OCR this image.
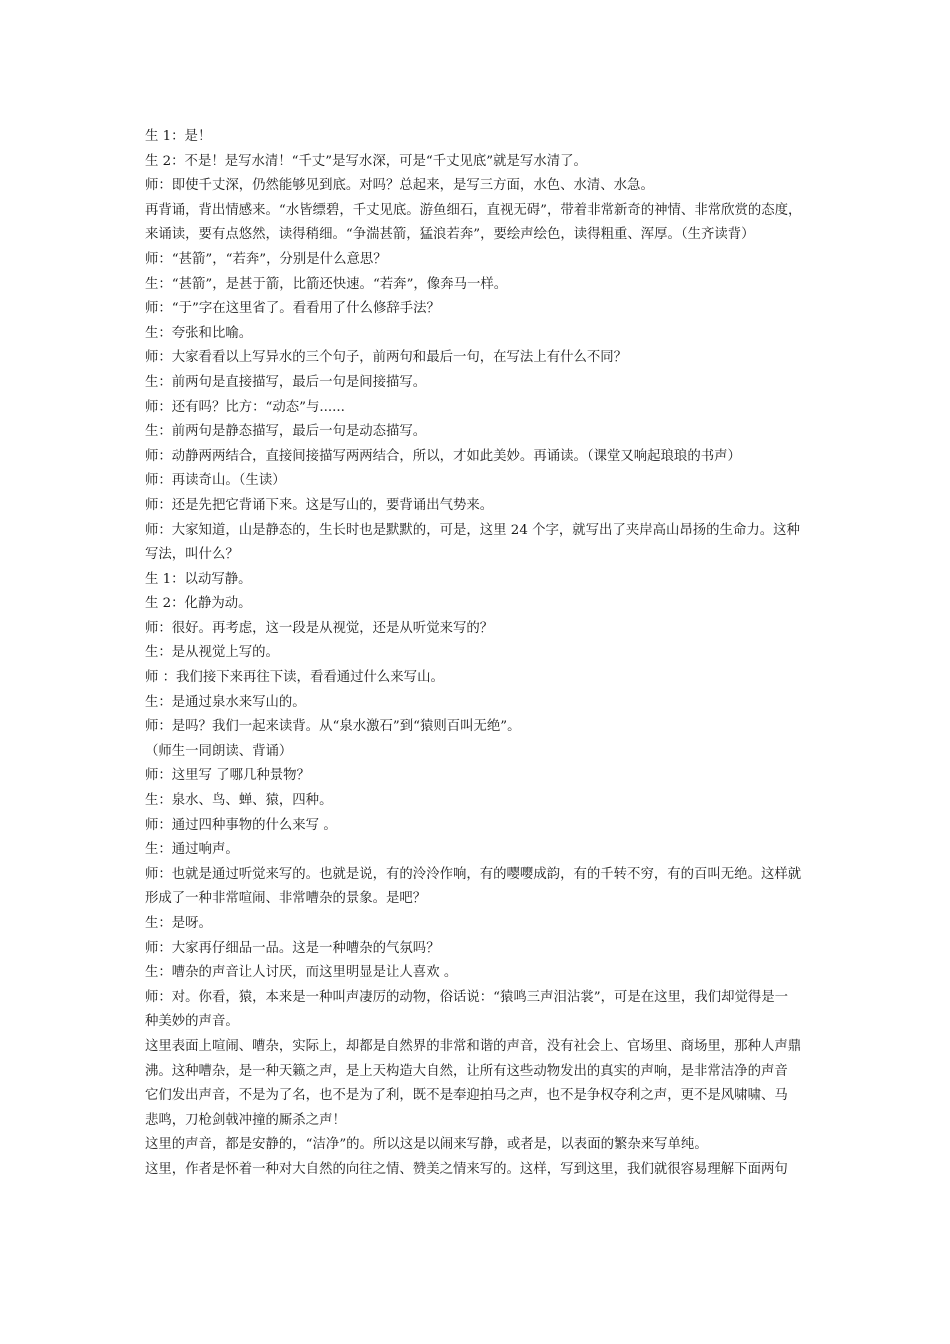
生 1：是！
生 2：不是！是写水清！“千丈”是写水深，可是“千丈见底”就是写水清了。
师：即使千丈深，仍然能够见到底。对吗？总起来，是写三方面，水色、水清、水急。
再背诵，背出情感来。“水皆缥碧，千丈见底。游鱼细石，直视无碍”，带着非常新奇的神情、非常欣赏的态度，
来诵读，要有点悠然，读得稍细。“争湍甚箭，猛浪若奔”，要绘声绘色，读得粗重、浑厚。（生齐读背）
师：“甚箭”，“若奔”，分别是什么意思？
生：“甚箭”，是甚于箭，比箭还快速。“若奔”，像奔马一样。
师：“于”字在这里省了。看看用了什么修辞手法？
生：夸张和比喻。
师：大家看看以上写异水的三个句子，前两句和最后一句，在写法上有什么不同？
生：前两句是直接描写，最后一句是间接描写。
师：还有吗？比方：“动态”与......
生：前两句是静态描写，最后一句是动态描写。
师：动静两两结合，直接间接描写两两结合，所以，才如此美妙。再诵读。（课堂又响起琅琅的书声）
师：再读奇山。（生读）
师：还是先把它背诵下来。这是写山的，要背诵出气势来。
师：大家知道，山是静态的，生长时也是默默的，可是，这里 24 个字，就写出了夹岸高山昂扬的生命力。这种
写法，叫什么？
生 1：以动写静。
生 2：化静为动。
师：很好。再考虑，这一段是从视觉，还是从听觉来写的？
生：是从视觉上写的。
师 ：我们接下来再往下读，看看通过什么来写山。
生：是通过泉水来写山的。
师：是吗？我们一起来读背。从“泉水激石”到“猿则百叫无绝”。
（师生一同朗读、背诵）
师：这里写 了哪几种景物？
生：泉水、鸟、蝉、猿，四种。
师：通过四种事物的什么来写 。
生：通过响声。
师：也就是通过听觉来写的。也就是说，有的泠泠作响，有的嘤嘤成韵，有的千转不穷，有的百叫无绝。这样就
形成了一种非常喧闹、非常嘈杂的景象。是吧？
生：是呀。
师：大家再仔细品一品。这是一种嘈杂的气氛吗？
生：嘈杂的声音让人讨厌，而这里明显是让人喜欢 。
师：对。你看，猿，本来是一种叫声凄厉的动物，俗话说：“猿鸣三声泪沾裳”，可是在这里，我们却觉得是一
种美妙的声音。
这里表面上喧闹、嘈杂，实际上，却都是自然界的非常和谐的声音，没有社会上、官场里、商场里，那种人声鼎
沸。这种嘈杂，是一种天籁之声，是上天构造大自然，让所有这些动物发出的真实的声响，是非常洁净的声音
它们发出声音，不是为了名，也不是为了利，既不是奉迎拍马之声，也不是争权夺利之声，更不是风啸啸、马
悲鸣，刀枪剑戟冲撞的厮杀之声！
这里的声音，都是安静的，“洁净”的。所以这是以闹来写静，或者是，以表面的繁杂来写单纯。
这里，作者是怀着一种对大自然的向往之情、赞美之情来写的。这样，写到这里，我们就很容易理解下面两句
